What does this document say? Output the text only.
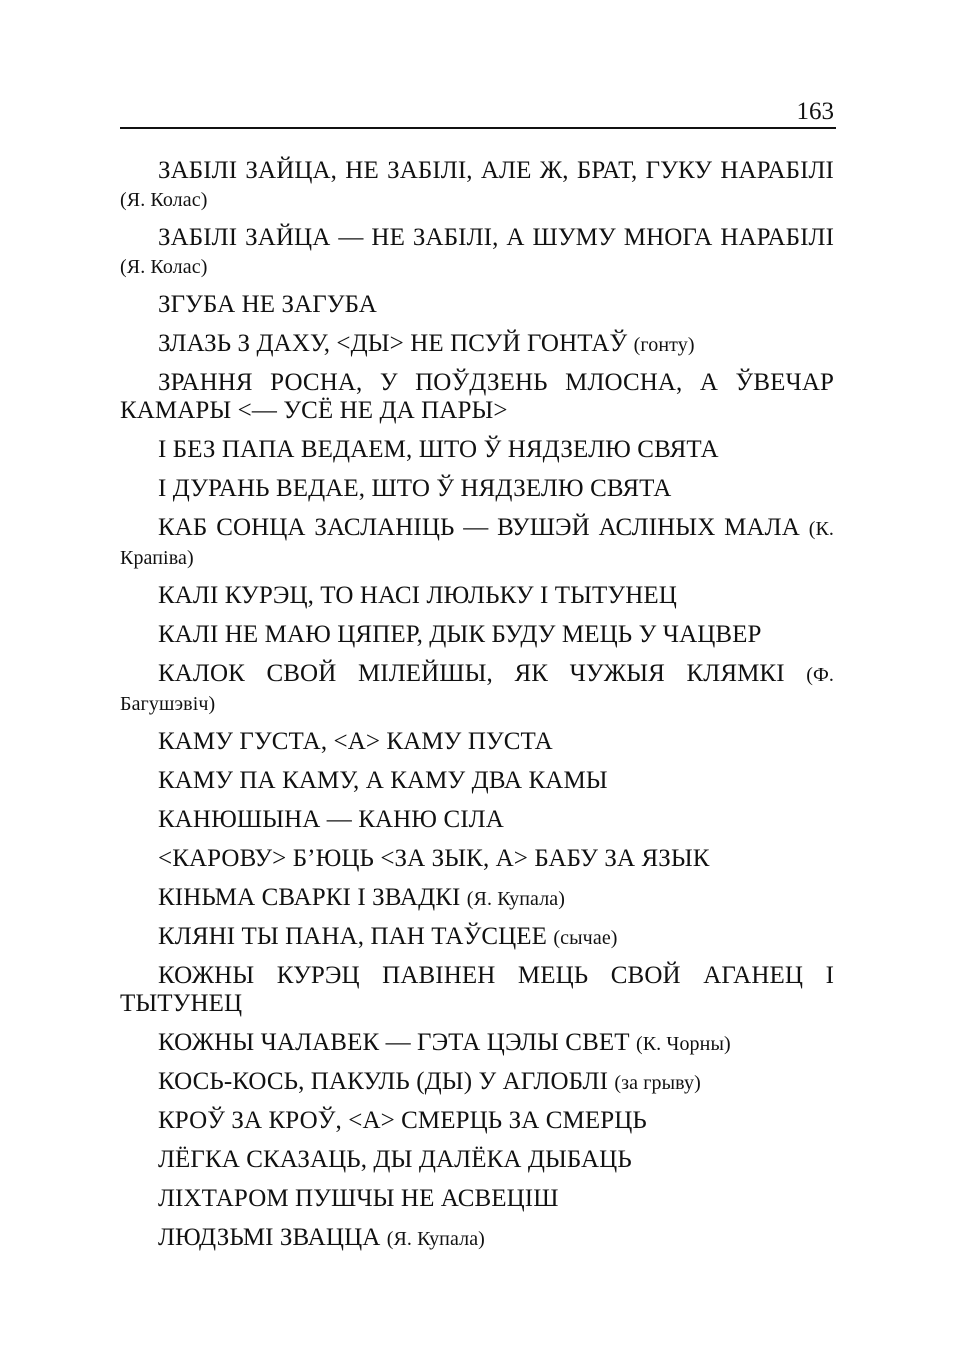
163

ЗАБІЛІ ЗАЙЦА, НЕ ЗАБІЛІ, АЛЕ Ж, БРАТ, ГУКУ НАРАБІЛІ (Я. Колас)

ЗАБІЛІ ЗАЙЦА — НЕ ЗАБІЛІ, А ШУМУ МНОГА НАРАБІЛІ (Я. Колас)

ЗГУБА НЕ ЗАГУБА

ЗЛАЗЬ З ДАХУ, <ДЫ> НЕ ПСУЙ ГОНТАЎ (гонту)

ЗРАННЯ РОСНА, У ПОЎДЗЕНЬ МЛОСНА, А ЎВЕЧАР КАМАРЫ <— УСЁ НЕ ДА ПАРЫ>

І БЕЗ ПАПА ВЕДАЕМ, ШТО Ў НЯДЗЕЛЮ СВЯТА

І ДУРАНЬ ВЕДАЕ, ШТО Ў НЯДЗЕЛЮ СВЯТА

КАБ СОНЦА ЗАСЛАНІЦЬ — ВУШЭЙ АСЛІНЫХ МАЛА (К. Крапіва)

КАЛІ КУРЭЦ, ТО НАСІ ЛЮЛЬКУ І ТЫТУНЕЦ

КАЛІ НЕ МАЮ ЦЯПЕР, ДЫК БУДУ МЕЦЬ У ЧАЦВЕР

КАЛОК СВОЙ МІЛЕЙШЫ, ЯК ЧУЖЫЯ КЛЯМКІ (Ф. Багушэвіч)

КАМУ ГУСТА, <А> КАМУ ПУСТА

КАМУ ПА КАМУ, А КАМУ ДВА КАМЫ

КАНЮШЫНА — КАНЮ СІЛА

<КАРОВУ> Б’ЮЦЬ <ЗА ЗЫК, А> БАБУ ЗА ЯЗЫК

КІНЬМА СВАРКІ І ЗВАДКІ (Я. Купала)

КЛЯНІ ТЫ ПАНА, ПАН ТАЎСЦЕЕ (сычае)

КОЖНЫ КУРЭЦ ПАВІНЕН МЕЦЬ СВОЙ АГАНЕЦ І ТЫТУНЕЦ

КОЖНЫ ЧАЛАВЕК — ГЭТА ЦЭЛЫ СВЕТ (К. Чорны)

КОСЬ-КОСЬ, ПАКУЛЬ (ДЫ) У АГЛОБЛІ (за грыву)

КРОЎ ЗА КРОЎ, <А> СМЕРЦЬ ЗА СМЕРЦЬ

ЛЁГКА СКАЗАЦЬ, ДЫ ДАЛЁКА ДЫБАЦЬ

ЛІХТАРОМ ПУШЧЫ НЕ АСВЕЦІШ

ЛЮДЗЬМІ ЗВАЦЦА (Я. Купала)
